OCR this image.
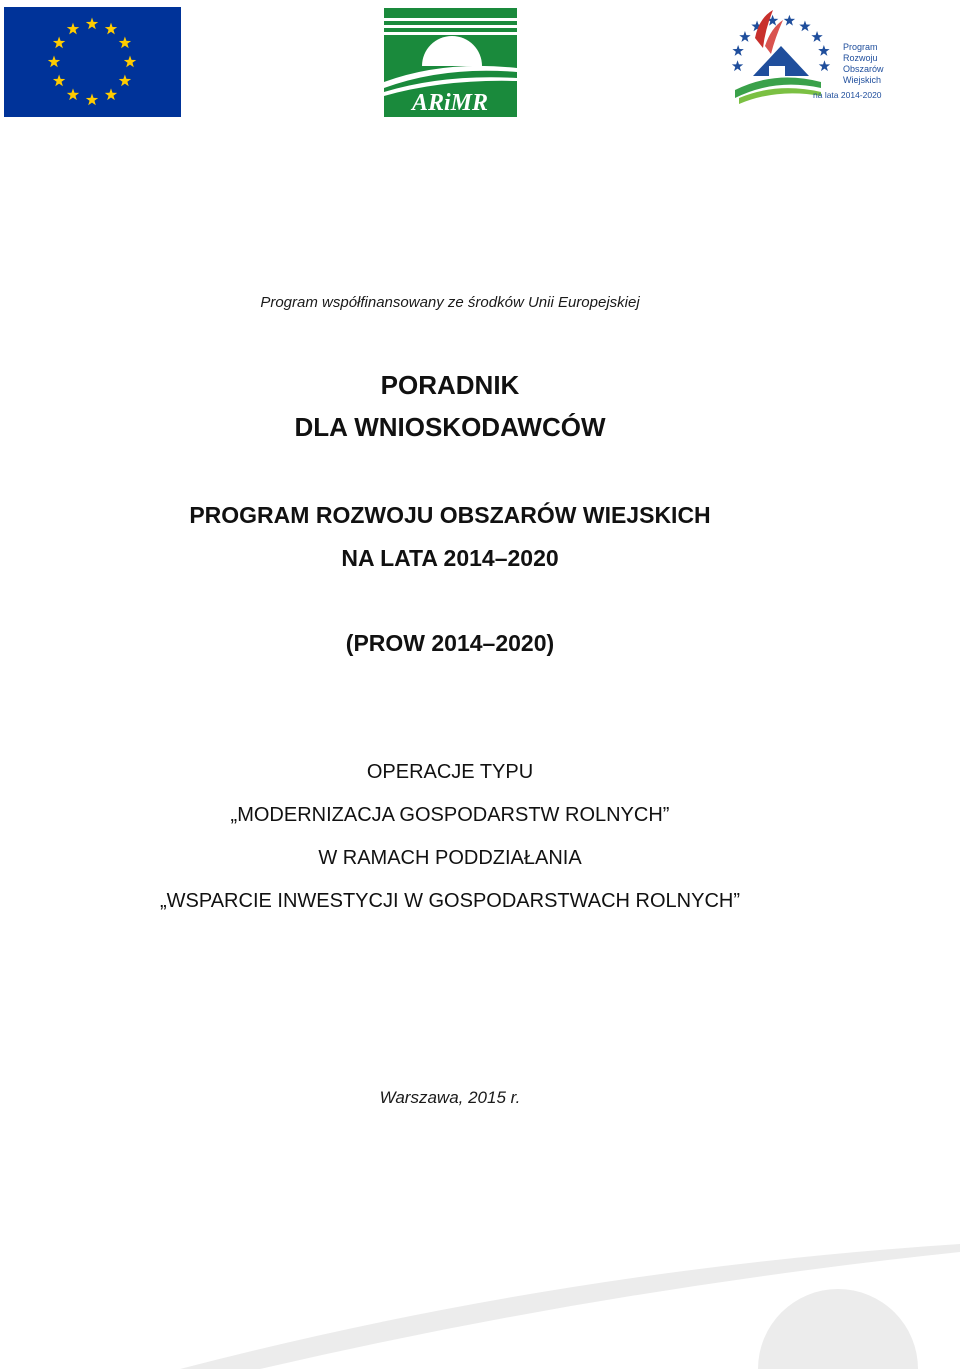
ARiMR
Program
Rozwoju
Obszarów
Wiejskich
na lata 2014-2020
Program współfinansowany ze środków Unii Europejskiej
PORADNIK
DLA WNIOSKODAWCÓW
PROGRAM ROZWOJU OBSZARÓW WIEJSKICH
NA LATA 2014–2020
(PROW 2014–2020)
OPERACJE TYPU
„MODERNIZACJA GOSPODARSTW ROLNYCH”
W RAMACH PODDZIAŁANIA
„WSPARCIE INWESTYCJI W GOSPODARSTWACH ROLNYCH”
Warszawa, 2015 r.
